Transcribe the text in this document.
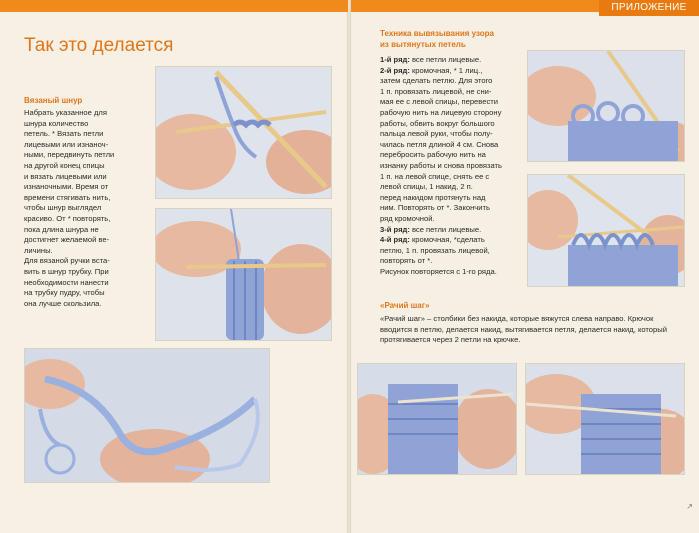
ПРИЛОЖЕНИЕ
Так это делается
Вязаный шнур
Набрать указанное для
шнура количество
петель. * Вязать петли
лицевыми или изнаноч-
ными, передвинуть петли
на другой конец спицы
и вязать лицевыми или
изнаночными. Время от
времени стягивать нить,
чтобы шнур выглядел
красиво. От * повторять,
пока длина шнура не
достигнет желаемой ве-
личины.
Для вязаной ручки вста-
вить в шнур трубку. При
необходимости нанести
на трубку пудру, чтобы
она лучше скользила.
Техника вывязывания узора
из вытянутых петель
1-й ряд: все петли лицевые.
2-й ряд: кромочная, * 1 лиц.,
затем сделать петлю. Для этого
1 п. провязать лицевой, не сни-
мая ее с левой спицы, перевести
рабочую нить на лицевую сторону
работы, обвить вокруг большого
пальца левой руки, чтобы полу-
чилась петля длиной 4 см. Снова
перебросить рабочую нить на
изнанку работы и снова провязать
1 п. на левой спице, снять ее с
левой спицы, 1 накид, 2 п.
перед накидом протянуть над
ним. Повторять от *. Закончить
ряд кромочной.
3-й ряд: все петли лицевые.
4-й ряд: кромочная, *сделать
петлю, 1 п. провязать лицевой,
повторять от *.
Рисунок повторяется с 1-го ряда.
«Рачий шаг»
«Рачий шаг» – столбики без накида, которые вяжутся слева направо. Крючок
вводится в петлю, делается накид, вытягивается петля, делается накид, который
протягивается через 2 петли на крючке.
↗
